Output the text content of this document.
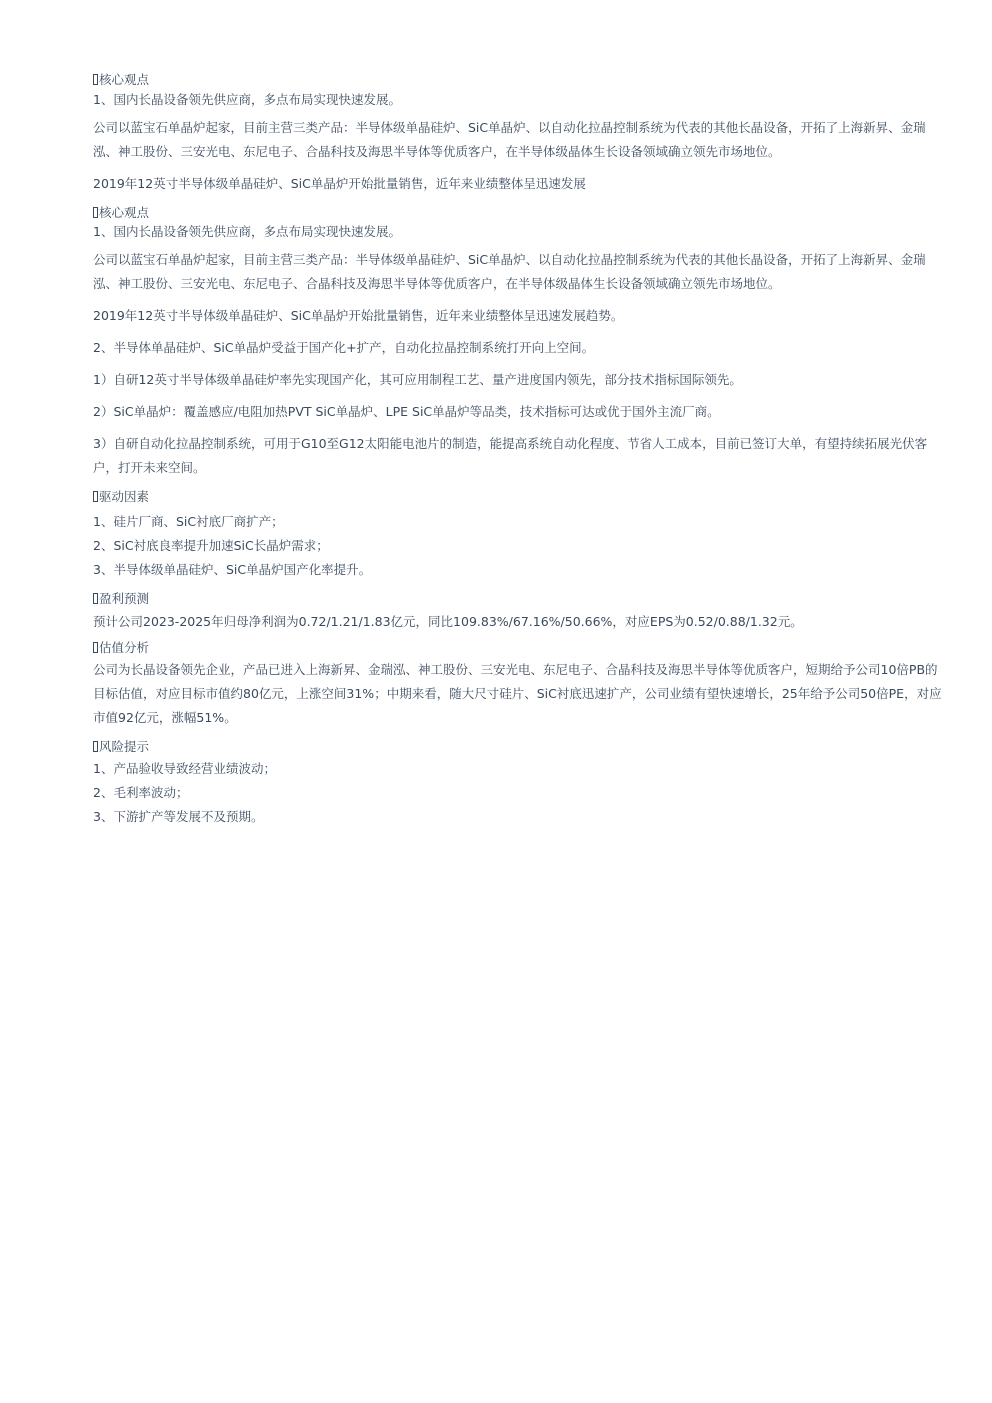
核心观点

1、国内长晶设备领先供应商，多点布局实现快速发展。

公司以蓝宝石单晶炉起家，目前主营三类产品：半导体级单晶硅炉、SiC单晶炉、以自动化拉晶控制系统为代表的其他长晶设备，开拓了上海新昇、金瑞泓、神工股份、三安光电、东尼电子、合晶科技及海思半导体等优质客户，在半导体级晶体生长设备领域确立领先市场地位。

2019年12英寸半导体级单晶硅炉、SiC单晶炉开始批量销售，近年来业绩整体呈迅速发展

核心观点

1、国内长晶设备领先供应商，多点布局实现快速发展。

公司以蓝宝石单晶炉起家，目前主营三类产品：半导体级单晶硅炉、SiC单晶炉、以自动化拉晶控制系统为代表的其他长晶设备，开拓了上海新昇、金瑞泓、神工股份、三安光电、东尼电子、合晶科技及海思半导体等优质客户，在半导体级晶体生长设备领域确立领先市场地位。

2019年12英寸半导体级单晶硅炉、SiC单晶炉开始批量销售，近年来业绩整体呈迅速发展趋势。

2、半导体单晶硅炉、SiC单晶炉受益于国产化+扩产，自动化拉晶控制系统打开向上空间。

1）自研12英寸半导体级单晶硅炉率先实现国产化，其可应用制程工艺、量产进度国内领先，部分技术指标国际领先。

2）SiC单晶炉：覆盖感应/电阻加热PVT SiC单晶炉、LPE SiC单晶炉等品类，技术指标可达或优于国外主流厂商。

3）自研自动化拉晶控制系统，可用于G10至G12太阳能电池片的制造，能提高系统自动化程度、节省人工成本，目前已签订大单，有望持续拓展光伏客户，打开未来空间。

驱动因素

1、硅片厂商、SiC衬底厂商扩产；

2、SiC衬底良率提升加速SiC长晶炉需求；

3、半导体级单晶硅炉、SiC单晶炉国产化率提升。

盈利预测

预计公司2023-2025年归母净利润为0.72/1.21/1.83亿元，同比109.83%/67.16%/50.66%，对应EPS为0.52/0.88/1.32元。

估值分析

公司为长晶设备领先企业，产品已进入上海新昇、金瑞泓、神工股份、三安光电、东尼电子、合晶科技及海思半导体等优质客户，短期给予公司10倍PB的目标估值，对应目标市值约80亿元，上涨空间31%；中期来看，随大尺寸硅片、SiC衬底迅速扩产，公司业绩有望快速增长，25年给予公司50倍PE，对应市值92亿元，涨幅51%。

风险提示

1、产品验收导致经营业绩波动；

2、毛利率波动；

3、下游扩产等发展不及预期。
